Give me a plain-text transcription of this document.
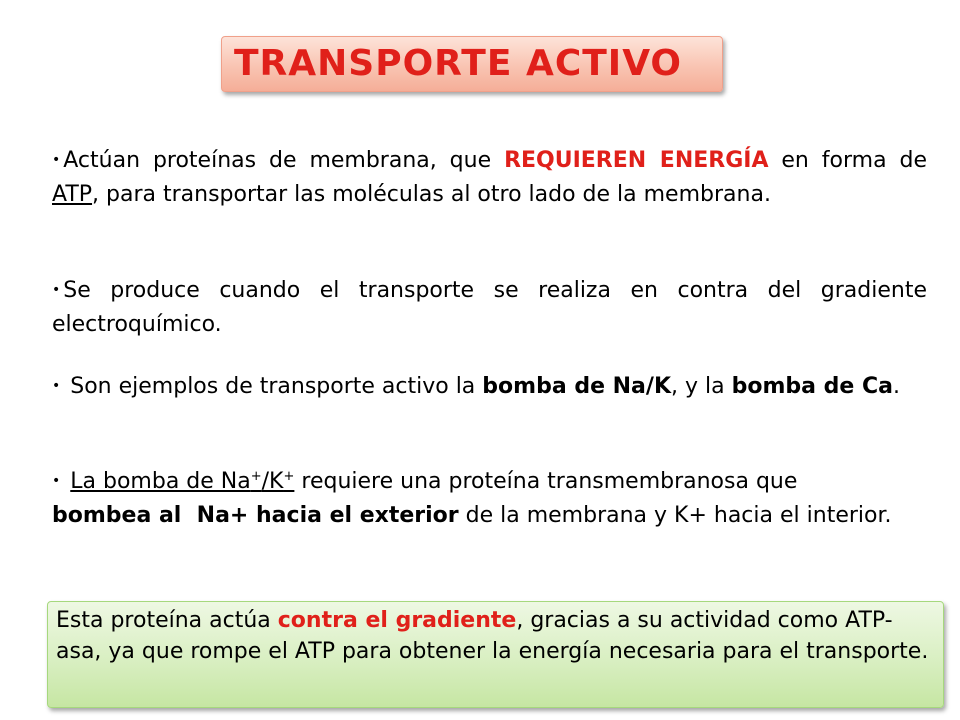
TRANSPORTE ACTIVO
• Actúan proteínas de membrana, que REQUIEREN ENERGÍA en forma de ATP, para transportar las moléculas al otro lado de la membrana.
• Se produce cuando el transporte se realiza en contra del gradiente electroquímico.
• Son ejemplos de transporte activo la bomba de Na/K, y la bomba de Ca.
• La bomba de Na+/K+ requiere una proteína transmembranosa que bombea al  Na+ hacia el exterior de la membrana y K+ hacia el interior.
Esta proteína actúa contra el gradiente, gracias a su actividad como ATP-asa, ya que rompe el ATP para obtener la energía necesaria para el transporte.
